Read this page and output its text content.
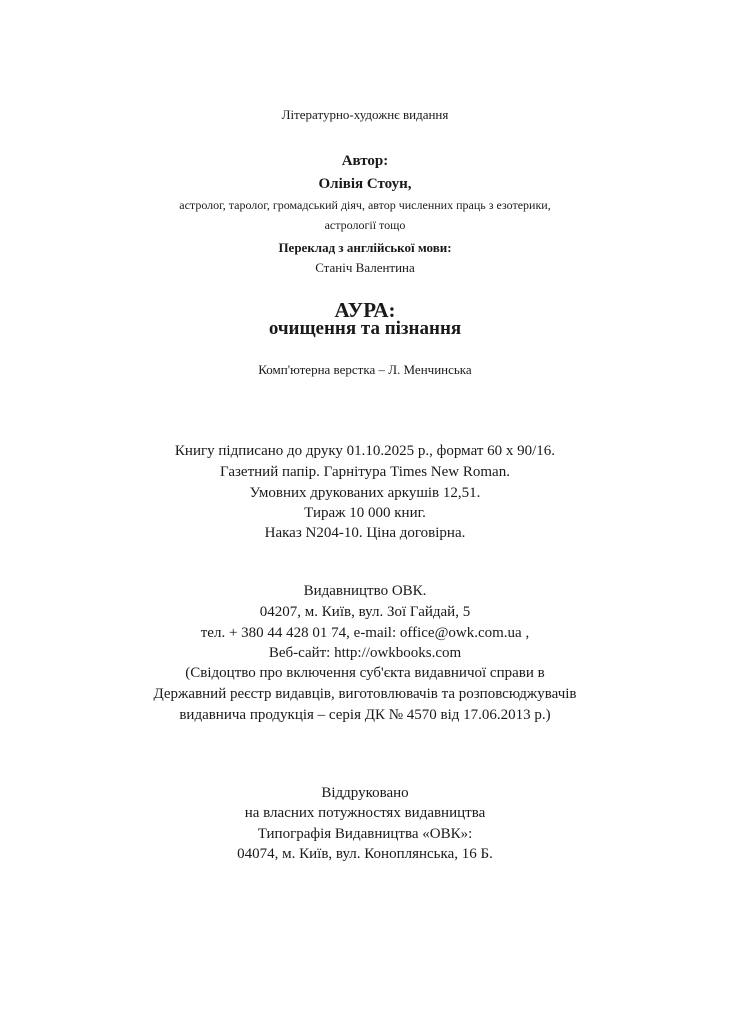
Літературно-художнє видання
Автор:
Олівія Стоун,
астролог, таролог, громадський діяч, автор численних праць з езотерики,
астрології тощо
Переклад з англійської мови:
Станіч Валентина
АУРА:
очищення та пізнання
Комп'ютерна верстка – Л. Менчинська
Книгу підписано до друку 01.10.2025 р., формат 60 х 90/16.
Газетний папір. Гарнітура Times New Roman.
Умовних друкованих аркушів 12,51.
Тираж 10 000 книг.
Наказ N204-10. Ціна договірна.
Видавництво ОВК.
04207, м. Київ, вул. Зої Гайдай, 5
тел. + 380 44 428 01 74, e-mail: office@owk.com.ua ,
Веб-сайт: http://owkbooks.com
(Свідоцтво про включення суб'єкта видавничої справи в
Державний реєстр видавців, виготовлювачів та розповсюджувачів
видавнича продукція – серія ДК № 4570 від 17.06.2013 р.)
Віддруковано
на власних потужностях видавництва
Типографія Видавництва «ОВК»:
04074, м. Київ, вул. Коноплянська, 16 Б.
